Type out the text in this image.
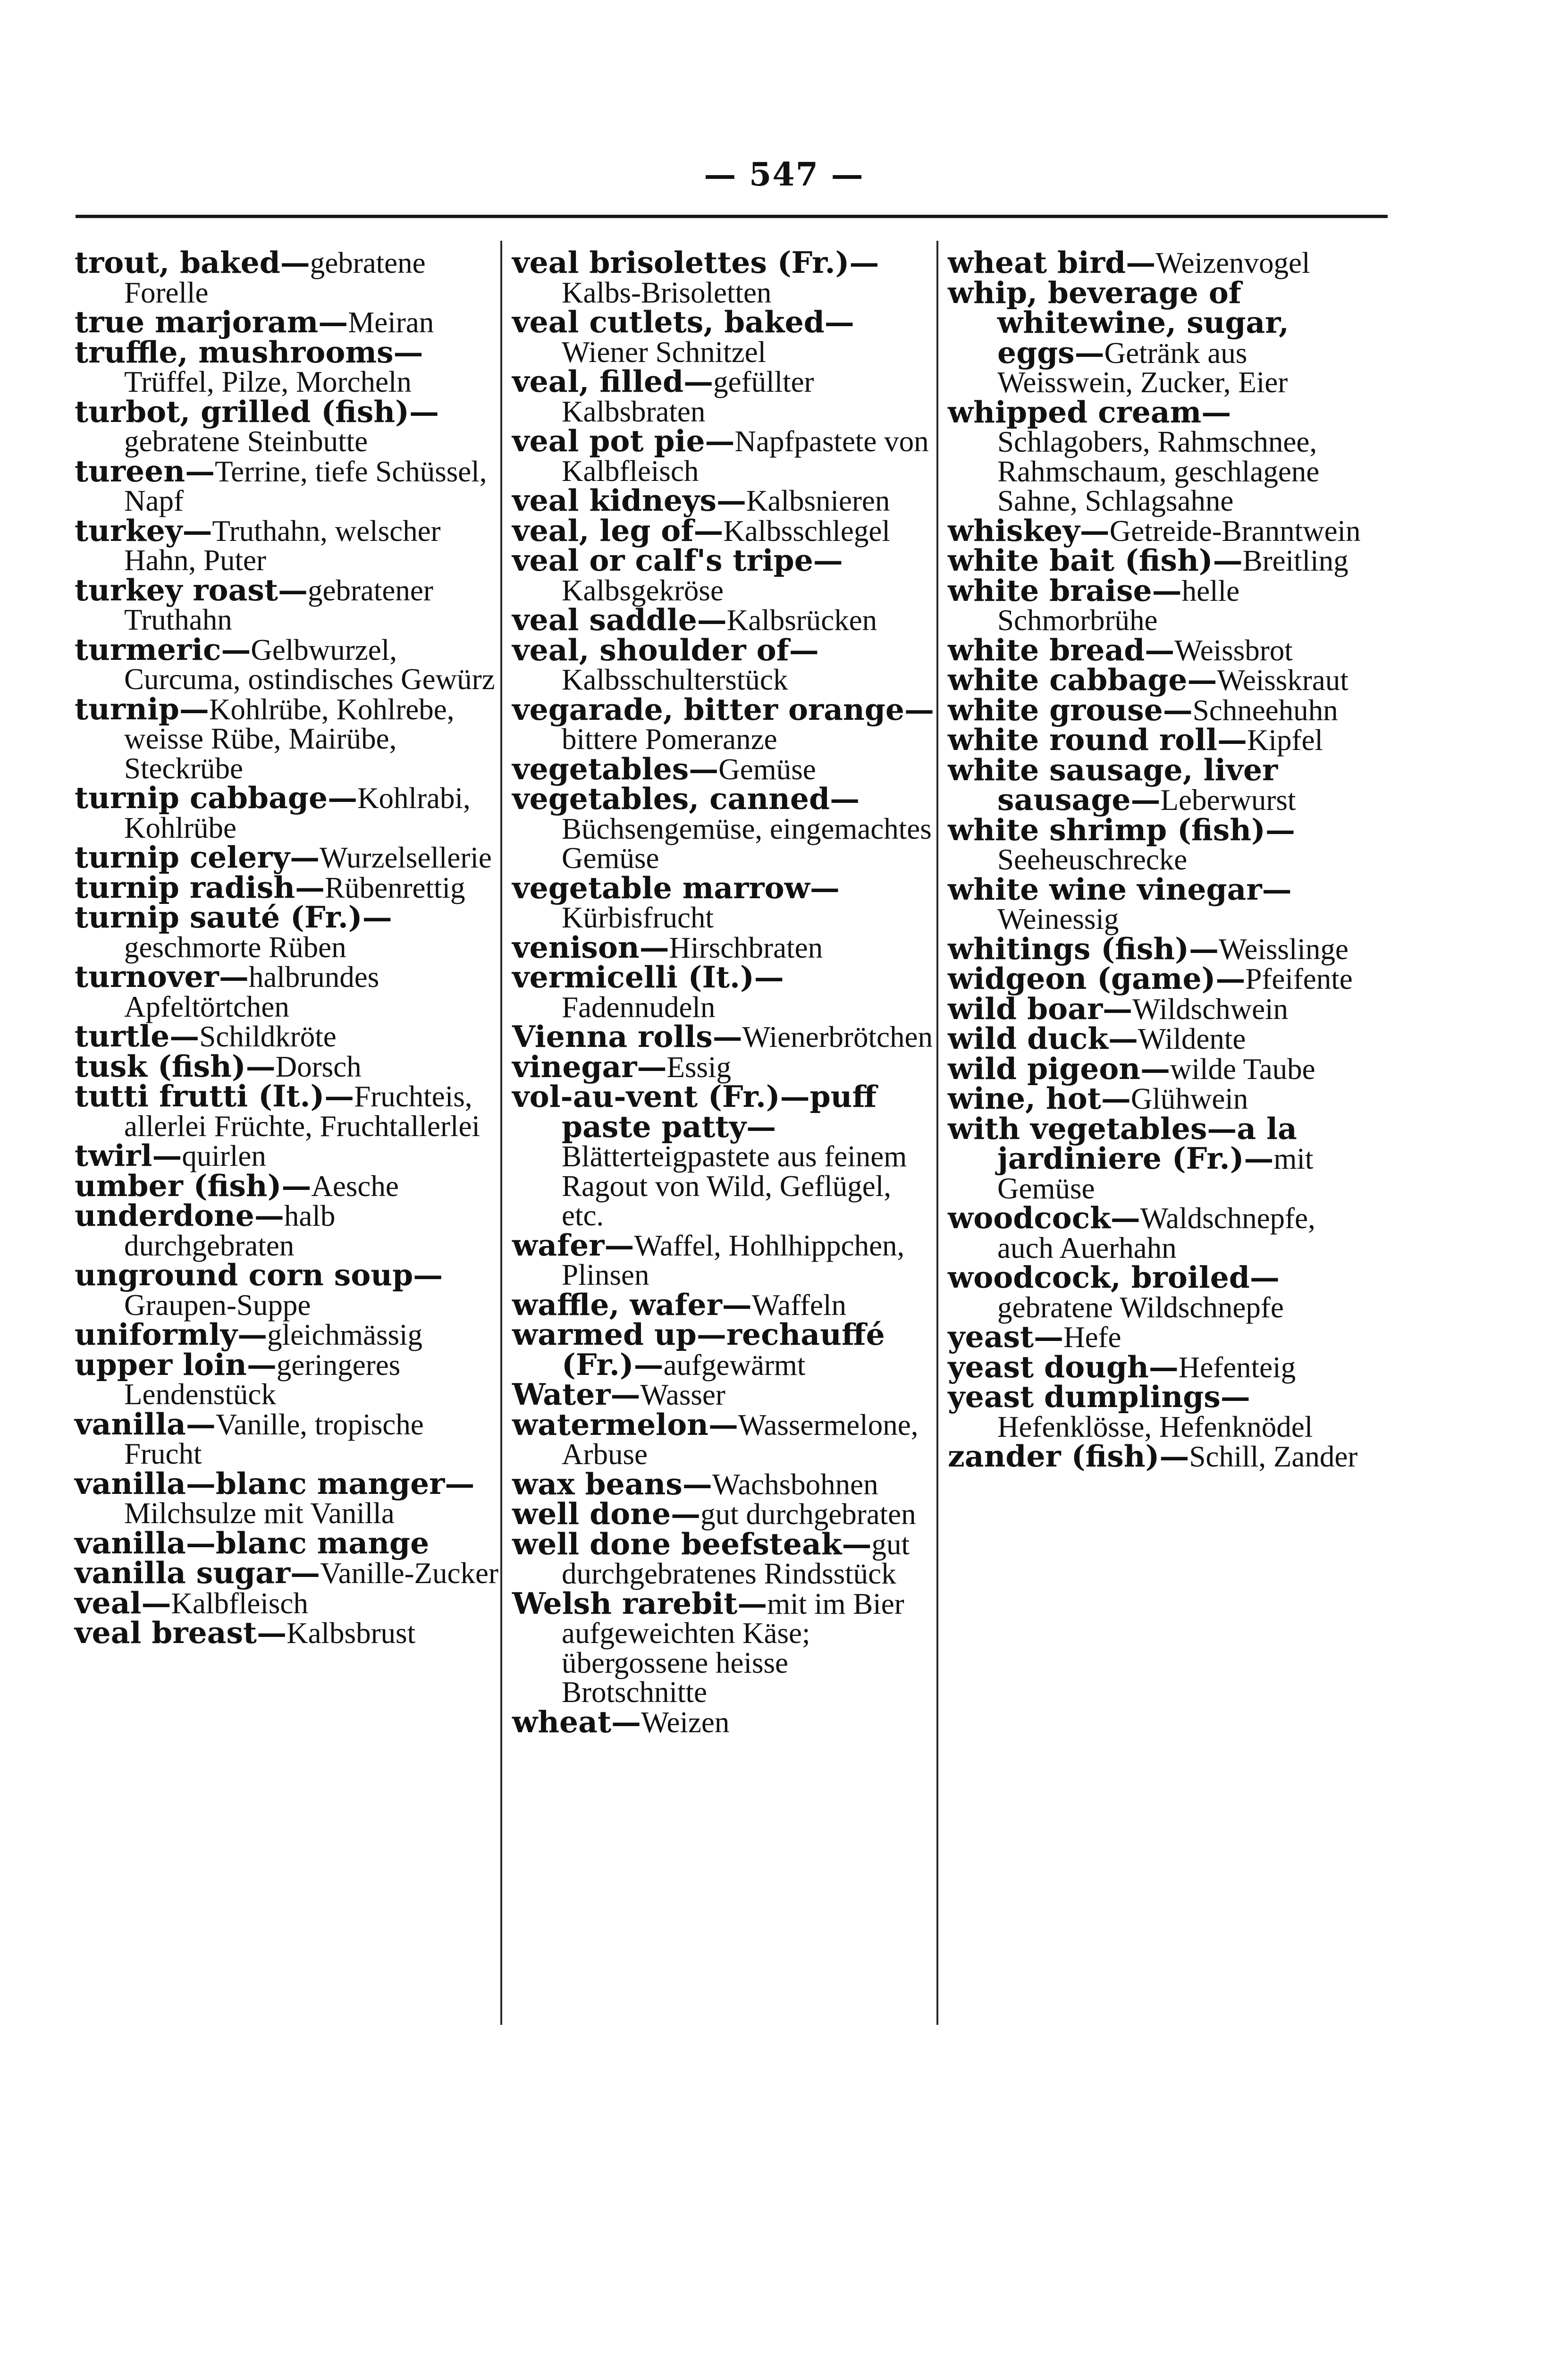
— 547 —

trout, baked—gebratene Forelle

true marjoram—Meiran

truffle, mushrooms—Trüffel, Pilze, Morcheln

turbot, grilled (fish)—gebratene Steinbutte

tureen—Terrine, tiefe Schüssel, Napf

turkey—Truthahn, welscher Hahn, Puter

turkey roast—gebratener Truthahn

turmeric—Gelbwurzel, Curcuma, ostindisches Gewürz

turnip—Kohlrübe, Kohlrebe, weisse Rübe, Mairübe, Steckrübe

turnip cabbage—Kohlrabi, Kohlrübe

turnip celery—Wurzelsellerie

turnip radish—Rübenrettig

turnip sauté (Fr.)—geschmorte Rüben

turnover—halbrundes Apfeltörtchen

turtle—Schildkröte

tusk (fish)—Dorsch

tutti frutti (It.)—Fruchteis, allerlei Früchte, Fruchtallerlei

twirl—quirlen

umber (fish)—Aesche

underdone—halb durchgebraten

unground corn soup—Graupen-Suppe

uniformly—gleichmässig

upper loin—geringeres Lendenstück

vanilla—Vanille, tropische Frucht

vanilla—blanc manger—Milchsulze mit Vanilla

vanilla—blanc mange

vanilla sugar—Vanille-Zucker

veal—Kalbfleisch

veal breast—Kalbsbrust

veal brisolettes (Fr.)—Kalbs-Brisoletten

veal cutlets, baked—Wiener Schnitzel

veal, filled—gefüllter Kalbsbraten

veal pot pie—Napfpastete von Kalbfleisch

veal kidneys—Kalbsnieren

veal, leg of—Kalbsschlegel

veal or calf's tripe—Kalbsgekröse

veal saddle—Kalbsrücken

veal, shoulder of—Kalbsschulterstück

vegarade, bitter orange—bittere Pomeranze

vegetables—Gemüse

vegetables, canned—Büchsengemüse, eingemachtes Gemüse

vegetable marrow—Kürbisfrucht

venison—Hirschbraten

vermicelli (It.)—Fadennudeln

Vienna rolls—Wienerbrötchen

vinegar—Essig

vol-au-vent (Fr.)—puff paste patty—Blätterteigpastete aus feinem Ragout von Wild, Geflügel, etc.

wafer—Waffel, Hohlhippchen, Plinsen

waffle, wafer—Waffeln

warmed up—rechauffé (Fr.)—aufgewärmt

Water—Wasser

watermelon—Wassermelone, Arbuse

wax beans—Wachsbohnen

well done—gut durchgebraten

well done beefsteak—gut durchgebratenes Rindsstück

Welsh rarebit—mit im Bier aufgeweichten Käse; übergossene heisse Brotschnitte

wheat—Weizen

wheat bird—Weizenvogel

whip, beverage of whitewine, sugar, eggs—Getränk aus Weisswein, Zucker, Eier

whipped cream—Schlagobers, Rahmschnee, Rahmschaum, geschlagene Sahne, Schlagsahne

whiskey—Getreide-Branntwein

white bait (fish)—Breitling

white braise—helle Schmorbrühe

white bread—Weissbrot

white cabbage—Weisskraut

white grouse—Schneehuhn

white round roll—Kipfel

white sausage, liver sausage—Leberwurst

white shrimp (fish)—Seeheuschrecke

white wine vinegar—Weinessig

whitings (fish)—Weisslinge

widgeon (game)—Pfeifente

wild boar—Wildschwein

wild duck—Wildente

wild pigeon—wilde Taube

wine, hot—Glühwein

with vegetables—a la jardiniere (Fr.)—mit Gemüse

woodcock—Waldschnepfe, auch Auerhahn

woodcock, broiled—gebratene Wildschnepfe

yeast—Hefe

yeast dough—Hefenteig

yeast dumplings—Hefenklösse, Hefenknödel

zander (fish)—Schill, Zander
